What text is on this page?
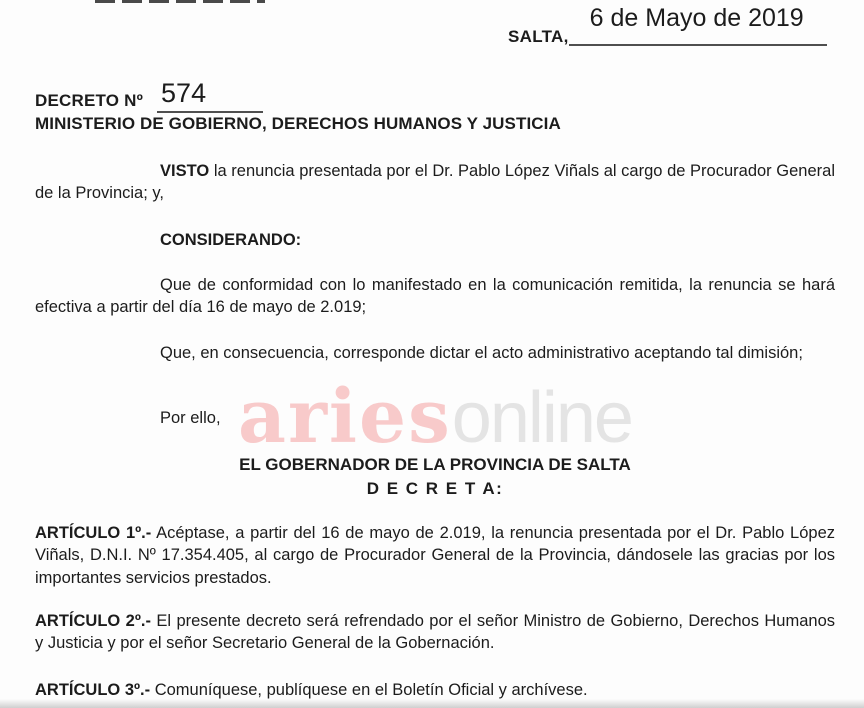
aries online
SALTA,
6 de Mayo de 2019
DECRETO Nº 574
MINISTERIO DE GOBIERNO, DERECHOS HUMANOS Y JUSTICIA

VISTO la renuncia presentada por el Dr. Pablo López Viñals al cargo de Procurador General de la Provincia; y,

CONSIDERANDO:

Que de conformidad con lo manifestado en la comunicación remitida, la renuncia se hará efectiva a partir del día 16 de mayo de 2.019;

Que, en consecuencia, corresponde dictar el acto administrativo aceptando tal dimisión;

Por ello,
EL GOBERNADOR DE LA PROVINCIA DE SALTA
D E C R E T A:

ARTÍCULO 1º.- Acéptase, a partir del 16 de mayo de 2.019, la renuncia presentada por el Dr. Pablo López Viñals, D.N.I. Nº 17.354.405, al cargo de Procurador General de la Provincia, dándosele las gracias por los importantes servicios prestados.

ARTÍCULO 2º.- El presente decreto será refrendado por el señor Ministro de Gobierno, Derechos Humanos y Justicia y por el señor Secretario General de la Gobernación.

ARTÍCULO 3º.- Comuníquese, publíquese en el Boletín Oficial y archívese.
